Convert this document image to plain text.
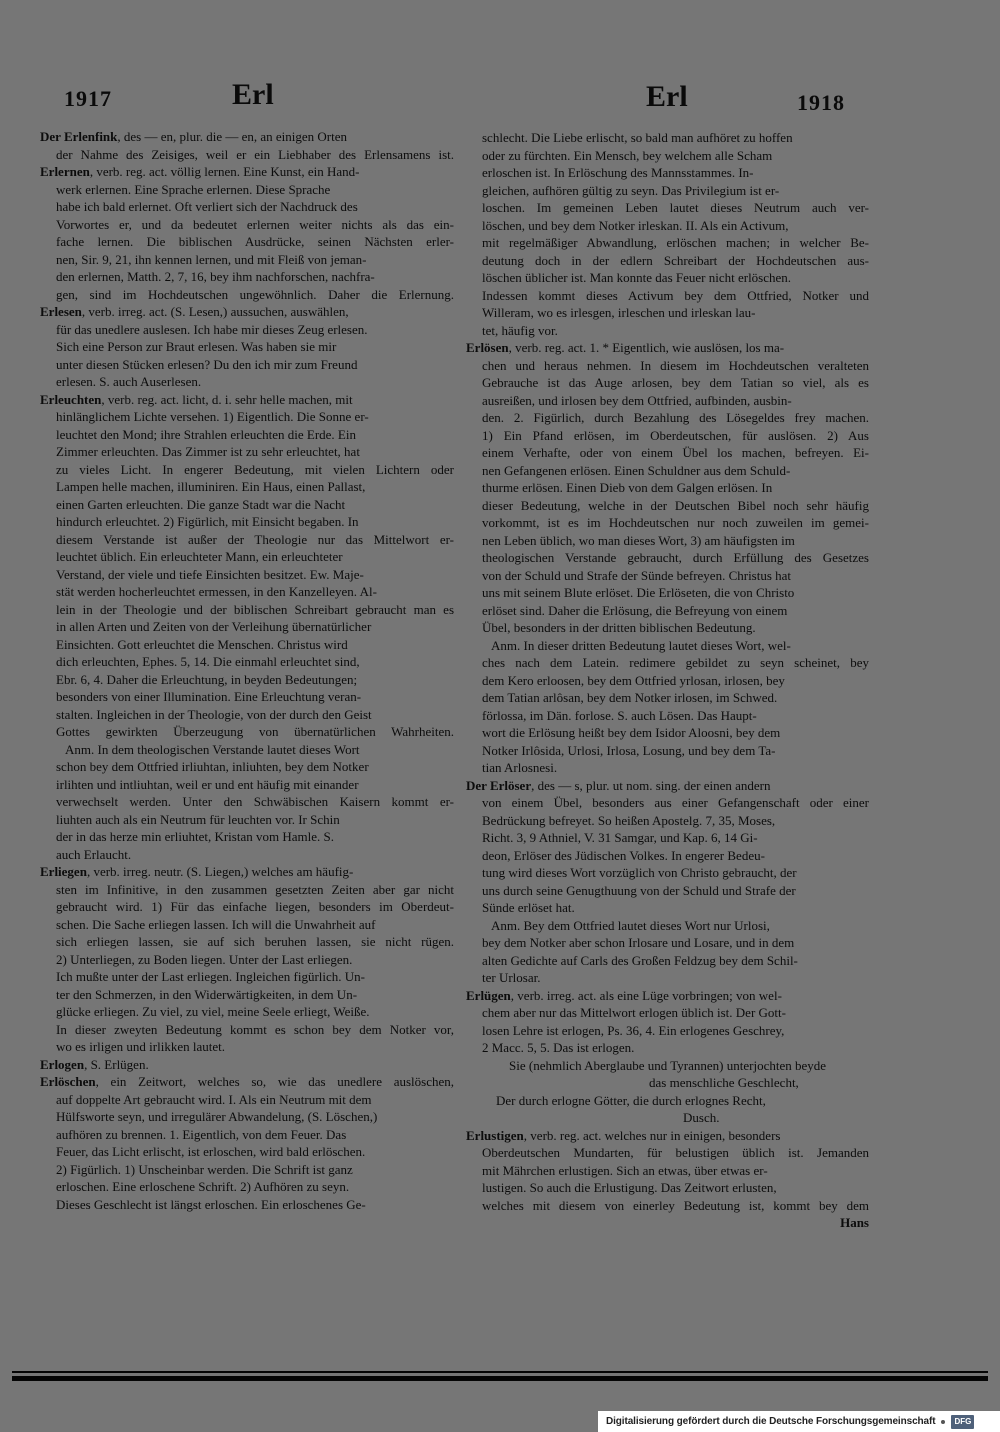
1917	Erl	Erl	1918
Der Erlenfink, des — en, plur. die — en, an einigen Orten
der Nahme des Zeisiges, weil er ein Liebhaber des Erlensamens ist.
Erlernen, verb. reg. act. völlig lernen. Eine Kunst, ein Hand-
werk erlernen. Eine Sprache erlernen. Diese Sprache
habe ich bald erlernet. Oft verliert sich der Nachdruck des
Vorwortes er, und da bedeutet erlernen weiter nichts als das ein-
fache lernen. Die biblischen Ausdrücke, seinen Nächsten erler-
nen, Sir. 9, 21, ihn kennen lernen, und mit Fleiß von jeman-
den erlernen, Matth. 2, 7, 16, bey ihm nachforschen, nachfra-
gen, sind im Hochdeutschen ungewöhnlich. Daher die Erlernung.
Erlesen, verb. irreg. act. (S. Lesen,) aussuchen, auswählen,
für das unedlere auslesen. Ich habe mir dieses Zeug erlesen.
Sich eine Person zur Braut erlesen. Was haben sie mir
unter diesen Stücken erlesen? Du den ich mir zum Freund
erlesen. S. auch Auserlesen.
Erleuchten, verb. reg. act. licht, d. i. sehr helle machen, mit
hinlänglichem Lichte versehen. 1) Eigentlich. Die Sonne er-
leuchtet den Mond; ihre Strahlen erleuchten die Erde. Ein
Zimmer erleuchten. Das Zimmer ist zu sehr erleuchtet, hat
zu vieles Licht. In engerer Bedeutung, mit vielen Lichtern oder
Lampen helle machen, illuminiren. Ein Haus, einen Pallast,
einen Garten erleuchten. Die ganze Stadt war die Nacht
hindurch erleuchtet. 2) Figürlich, mit Einsicht begaben. In
diesem Verstande ist außer der Theologie nur das Mittelwort er-
leuchtet üblich. Ein erleuchteter Mann, ein erleuchteter
Verstand, der viele und tiefe Einsichten besitzet. Ew. Maje-
stät werden hocherleuchtet ermessen, in den Kanzelleyen. Al-
lein in der Theologie und der biblischen Schreibart gebraucht man es
in allen Arten und Zeiten von der Verleihung übernatürlicher
Einsichten. Gott erleuchtet die Menschen. Christus wird
dich erleuchten, Ephes. 5, 14. Die einmahl erleuchtet sind,
Ebr. 6, 4. Daher die Erleuchtung, in beyden Bedeutungen;
besonders von einer Illumination. Eine Erleuchtung veran-
stalten. Ingleichen in der Theologie, von der durch den Geist
Gottes gewirkten Überzeugung von übernatürlichen Wahrheiten.
Anm. In dem theologischen Verstande lautet dieses Wort
schon bey dem Ottfried irliuhtan, inliuhten, bey dem Notker
irlihten und intliuhtan, weil er und ent häufig mit einander
verwechselt werden. Unter den Schwäbischen Kaisern kommt er-
liuhten auch als ein Neutrum für leuchten vor. Ir Schin
der in das herze min erliuhtet, Kristan vom Hamle. S.
auch Erlaucht.
Erliegen, verb. irreg. neutr. (S. Liegen,) welches am häufig-
sten im Infinitive, in den zusammen gesetzten Zeiten aber gar nicht
gebraucht wird. 1) Für das einfache liegen, besonders im Oberdeut-
schen. Die Sache erliegen lassen. Ich will die Unwahrheit auf
sich erliegen lassen, sie auf sich beruhen lassen, sie nicht rügen.
2) Unterliegen, zu Boden liegen. Unter der Last erliegen.
Ich mußte unter der Last erliegen. Ingleichen figürlich. Un-
ter den Schmerzen, in den Widerwärtigkeiten, in dem Un-
glücke erliegen. Zu viel, zu viel, meine Seele erliegt, Weiße.
In dieser zweyten Bedeutung kommt es schon bey dem Notker vor,
wo es irligen und irlikken lautet.
Erlogen, S. Erlügen.
Erlöschen, ein Zeitwort, welches so, wie das unedlere auslöschen,
auf doppelte Art gebraucht wird. I. Als ein Neutrum mit dem
Hülfsworte seyn, und irregulärer Abwandelung, (S. Löschen,)
aufhören zu brennen. 1. Eigentlich, von dem Feuer. Das
Feuer, das Licht erlischt, ist erloschen, wird bald erlöschen.
2) Figürlich. 1) Unscheinbar werden. Die Schrift ist ganz
erloschen. Eine erloschene Schrift. 2) Aufhören zu seyn.
Dieses Geschlecht ist längst erloschen. Ein erloschenes Ge-
schlecht. Die Liebe erlischt, so bald man aufhöret zu hoffen
oder zu fürchten. Ein Mensch, bey welchem alle Scham
erloschen ist. In Erlöschung des Mannsstammes. In-
gleichen, aufhören gültig zu seyn. Das Privilegium ist er-
loschen. Im gemeinen Leben lautet dieses Neutrum auch ver-
löschen, und bey dem Notker irleskan. II. Als ein Activum,
mit regelmäßiger Abwandlung, erlöschen machen; in welcher Be-
deutung doch in der edlern Schreibart der Hochdeutschen aus-
löschen üblicher ist. Man konnte das Feuer nicht erlöschen.
Indessen kommt dieses Activum bey dem Ottfried, Notker und
Willeram, wo es irlesgen, irleschen und irleskan lau-
tet, häufig vor.
Erlösen, verb. reg. act. 1. * Eigentlich, wie auslösen, los ma-
chen und heraus nehmen. In diesem im Hochdeutschen veralteten
Gebrauche ist das Auge arlosen, bey dem Tatian so viel, als es
ausreißen, und irlosen bey dem Ottfried, aufbinden, ausbin-
den. 2. Figürlich, durch Bezahlung des Lösegeldes frey machen.
1) Ein Pfand erlösen, im Oberdeutschen, für auslösen. 2) Aus
einem Verhafte, oder von einem Übel los machen, befreyen. Ei-
nen Gefangenen erlösen. Einen Schuldner aus dem Schuld-
thurme erlösen. Einen Dieb von dem Galgen erlösen. In
dieser Bedeutung, welche in der Deutschen Bibel noch sehr häufig
vorkommt, ist es im Hochdeutschen nur noch zuweilen im gemei-
nen Leben üblich, wo man dieses Wort, 3) am häufigsten im
theologischen Verstande gebraucht, durch Erfüllung des Gesetzes
von der Schuld und Strafe der Sünde befreyen. Christus hat
uns mit seinem Blute erlöset. Die Erlöseten, die von Christo
erlöset sind. Daher die Erlösung, die Befreyung von einem
Übel, besonders in der dritten biblischen Bedeutung.
Anm. In dieser dritten Bedeutung lautet dieses Wort, wel-
ches nach dem Latein. redimere gebildet zu seyn scheinet, bey
dem Kero erloosen, bey dem Ottfried yrlosan, irlosen, bey
dem Tatian arlôsan, bey dem Notker irlosen, im Schwed.
förlossa, im Dän. forlose. S. auch Lösen. Das Haupt-
wort die Erlösung heißt bey dem Isidor Aloosni, bey dem
Notker Irlôsida, Urlosi, Irlosa, Losung, und bey dem Ta-
tian Arlosnesi.
Der Erlöser, des — s, plur. ut nom. sing. der einen andern
von einem Übel, besonders aus einer Gefangenschaft oder einer
Bedrückung befreyet. So heißen Apostelg. 7, 35, Moses,
Richt. 3, 9 Athniel, V. 31 Samgar, und Kap. 6, 14 Gi-
deon, Erlöser des Jüdischen Volkes. In engerer Bedeu-
tung wird dieses Wort vorzüglich von Christo gebraucht, der
uns durch seine Genugthuung von der Schuld und Strafe der
Sünde erlöset hat.
Anm. Bey dem Ottfried lautet dieses Wort nur Urlosi,
bey dem Notker aber schon Irlosare und Losare, und in dem
alten Gedichte auf Carls des Großen Feldzug bey dem Schil-
ter Urlosar.
Erlügen, verb. irreg. act. als eine Lüge vorbringen; von wel-
chem aber nur das Mittelwort erlogen üblich ist. Der Gott-
losen Lehre ist erlogen, Ps. 36, 4. Ein erlogenes Geschrey,
2 Macc. 5, 5. Das ist erlogen.
Sie (nehmlich Aberglaube und Tyrannen) unterjochten beyde
das menschliche Geschlecht,
Der durch erlogne Götter, die durch erlognes Recht,
Dusch.
Erlustigen, verb. reg. act. welches nur in einigen, besonders
Oberdeutschen Mundarten, für belustigen üblich ist. Jemanden
mit Mährchen erlustigen. Sich an etwas, über etwas er-
lustigen. So auch die Erlustigung. Das Zeitwort erlusten,
welches mit diesem von einerley Bedeutung ist, kommt bey dem
Hans
Digitalisierung gefördert durch die Deutsche Forschungsgemeinschaft	DFG
